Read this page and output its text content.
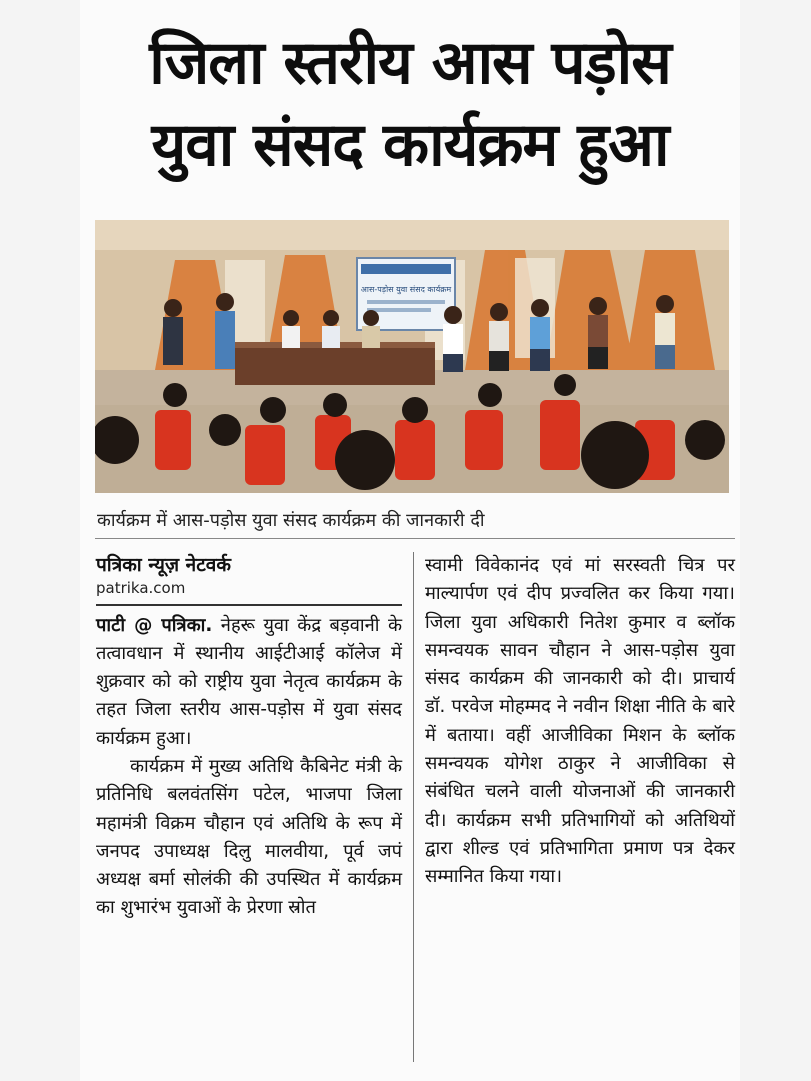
जिला स्तरीय आस पड़ोस
युवा संसद कार्यक्रम हुआ
आस-पड़ोस युवा संसद कार्यक्रम
कार्यक्रम में आस-पड़ोस युवा संसद कार्यक्रम की जानकारी दी
पत्रिका न्यूज़ नेटवर्क
patrika.com

पाटी @ पत्रिका. नेहरू युवा केंद्र बड़वानी के तत्वावधान में स्थानीय आईटीआई कॉलेज में शुक्रवार को को राष्ट्रीय युवा नेतृत्व कार्यक्रम के तहत जिला स्तरीय आस-पड़ोस में युवा संसद कार्यक्रम हुआ।

कार्यक्रम में मुख्य अतिथि कैबिनेट मंत्री के प्रतिनिधि बलवंतसिंग पटेल, भाजपा जिला महामंत्री विक्रम चौहान एवं अतिथि के रूप में जनपद उपाध्यक्ष दिलु मालवीया, पूर्व जपं अध्यक्ष बर्मा सोलंकी की उपस्थित में कार्यक्रम का शुभारंभ युवाओं के प्रेरणा स्रोत

स्वामी विवेकानंद एवं मां सरस्वती चित्र पर माल्यार्पण एवं दीप प्रज्वलित कर किया गया। जिला युवा अधिकारी नितेश कुमार व ब्लॉक समन्वयक सावन चौहान ने आस-पड़ोस युवा संसद कार्यक्रम की जानकारी को दी। प्राचार्य डॉ. परवेज मोहम्मद ने नवीन शिक्षा नीति के बारे में बताया। वहीं आजीविका मिशन के ब्लॉक समन्वयक योगेश ठाकुर ने आजीविका से संबंधित चलने वाली योजनाओं की जानकारी दी। कार्यक्रम सभी प्रतिभागियों को अतिथियों द्वारा शील्ड एवं प्रतिभागिता प्रमाण पत्र देकर सम्मानित किया गया।
